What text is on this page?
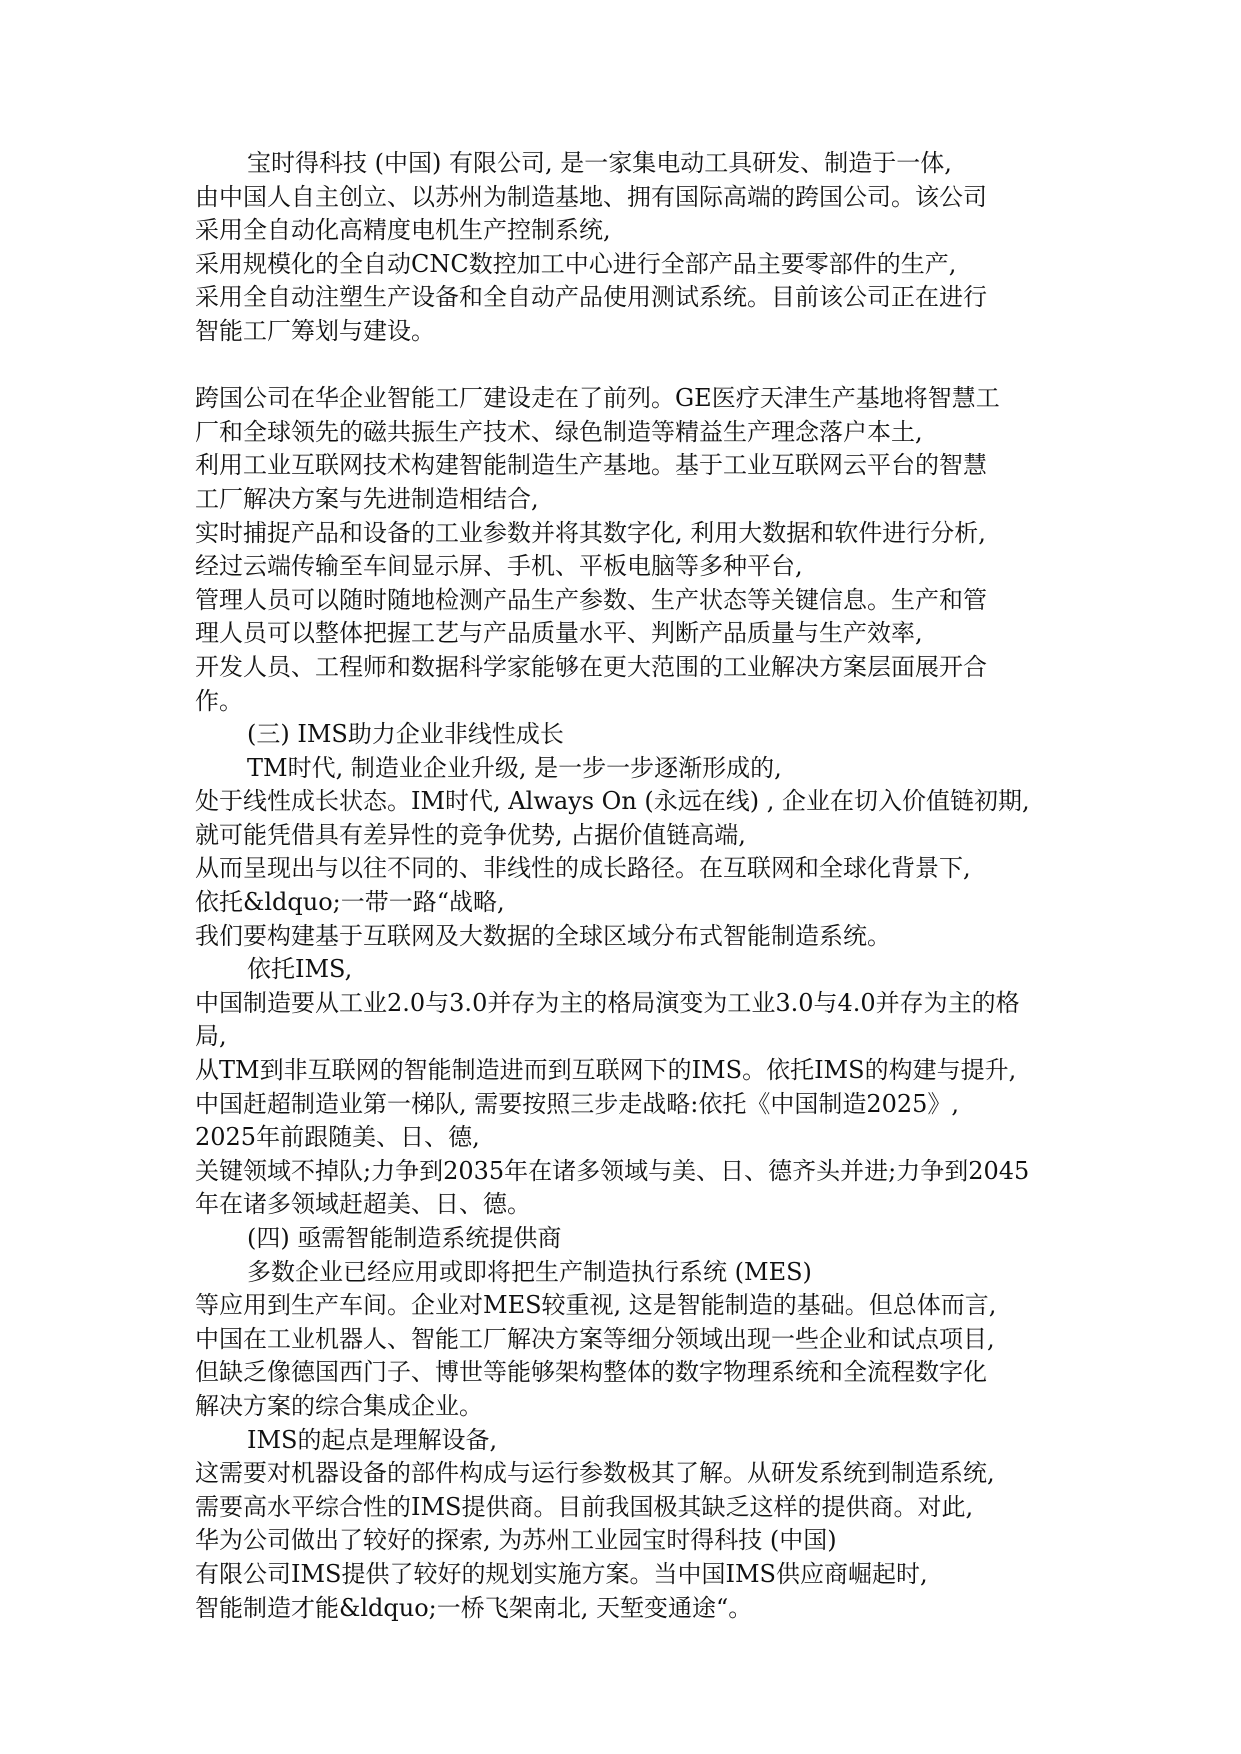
宝时得科技 (中国) 有限公司, 是一家集电动工具研发、制造于一体,
由中国人自主创立、以苏州为制造基地、拥有国际高端的跨国公司。该公司
采用全自动化高精度电机生产控制系统,
采用规模化的全自动CNC数控加工中心进行全部产品主要零部件的生产,
采用全自动注塑生产设备和全自动产品使用测试系统。目前该公司正在进行
智能工厂筹划与建设。
跨国公司在华企业智能工厂建设走在了前列。GE医疗天津生产基地将智慧工
厂和全球领先的磁共振生产技术、绿色制造等精益生产理念落户本土,
利用工业互联网技术构建智能制造生产基地。基于工业互联网云平台的智慧
工厂解决方案与先进制造相结合,
实时捕捉产品和设备的工业参数并将其数字化, 利用大数据和软件进行分析,
经过云端传输至车间显示屏、手机、平板电脑等多种平台,
管理人员可以随时随地检测产品生产参数、生产状态等关键信息。生产和管
理人员可以整体把握工艺与产品质量水平、判断产品质量与生产效率,
开发人员、工程师和数据科学家能够在更大范围的工业解决方案层面展开合
作。
(三) IMS助力企业非线性成长
TM时代, 制造业企业升级, 是一步一步逐渐形成的,
处于线性成长状态。IM时代, Always On (永远在线) , 企业在切入价值链初期,
就可能凭借具有差异性的竞争优势, 占据价值链高端,
从而呈现出与以往不同的、非线性的成长路径。在互联网和全球化背景下,
依托&ldquo;一带一路“战略,
我们要构建基于互联网及大数据的全球区域分布式智能制造系统。
依托IMS,
中国制造要从工业2.0与3.0并存为主的格局演变为工业3.0与4.0并存为主的格
局,
从TM到非互联网的智能制造进而到互联网下的IMS。依托IMS的构建与提升,
中国赶超制造业第一梯队, 需要按照三步走战略:依托《中国制造2025》,
2025年前跟随美、日、德,
关键领域不掉队;力争到2035年在诸多领域与美、日、德齐头并进;力争到2045
年在诸多领域赶超美、日、德。
(四) 亟需智能制造系统提供商
多数企业已经应用或即将把生产制造执行系统 (MES)
等应用到生产车间。企业对MES较重视, 这是智能制造的基础。但总体而言,
中国在工业机器人、智能工厂解决方案等细分领域出现一些企业和试点项目,
但缺乏像德国西门子、博世等能够架构整体的数字物理系统和全流程数字化
解决方案的综合集成企业。
IMS的起点是理解设备,
这需要对机器设备的部件构成与运行参数极其了解。从研发系统到制造系统,
需要高水平综合性的IMS提供商。目前我国极其缺乏这样的提供商。对此,
华为公司做出了较好的探索, 为苏州工业园宝时得科技 (中国)
有限公司IMS提供了较好的规划实施方案。当中国IMS供应商崛起时,
智能制造才能&ldquo;一桥飞架南北, 天堑变通途“。
